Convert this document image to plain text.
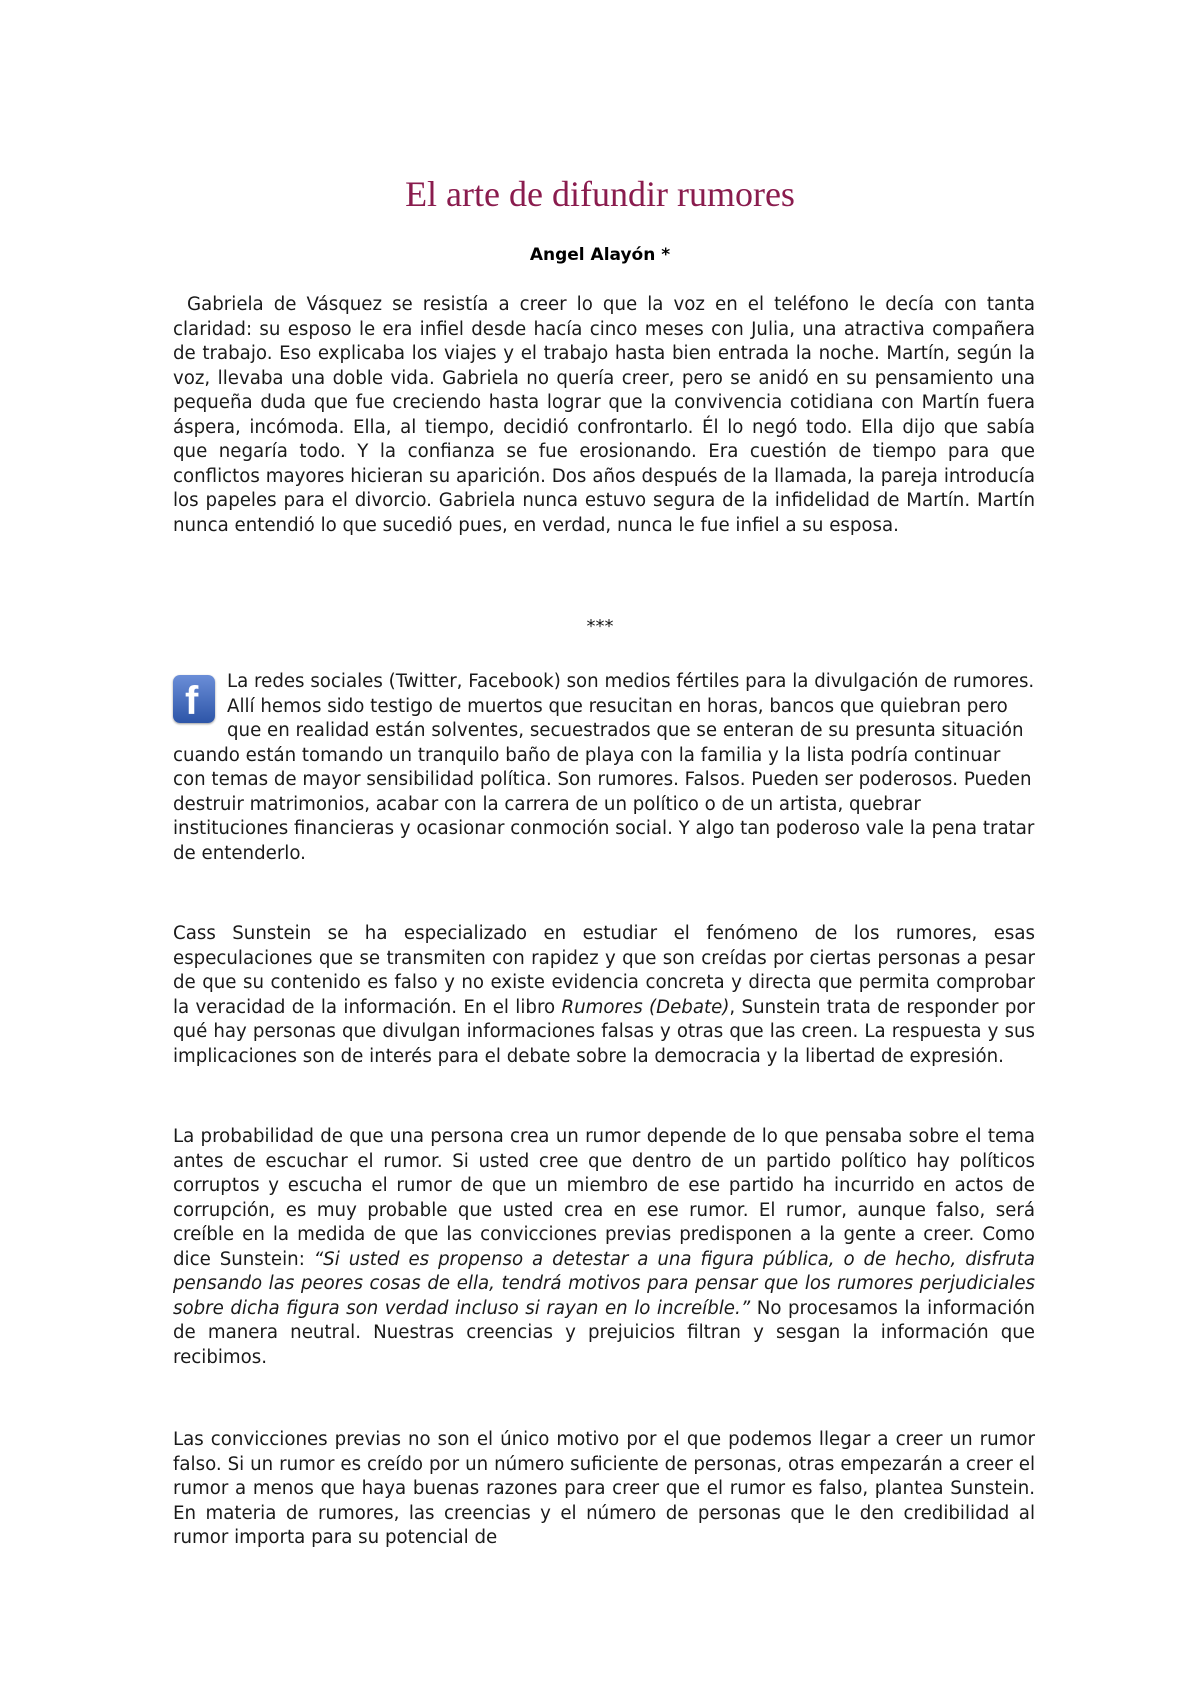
El arte de difundir rumores
Angel Alayón *

Gabriela de Vásquez se resistía a creer lo que la voz en el teléfono le decía con tanta claridad: su esposo le era infiel desde hacía cinco meses con Julia, una atractiva compañera de trabajo. Eso explicaba los viajes y el trabajo hasta bien entrada la noche. Martín, según la voz, llevaba una doble vida. Gabriela no quería creer, pero se anidó en su pensamiento una pequeña duda que fue creciendo hasta lograr que la convivencia cotidiana con Martín fuera áspera, incómoda. Ella, al tiempo, decidió confrontarlo. Él lo negó todo. Ella dijo que sabía que negaría todo. Y la confianza se fue erosionando. Era cuestión de tiempo para que conflictos mayores hicieran su aparición. Dos años después de la llamada, la pareja introducía los papeles para el divorcio. Gabriela nunca estuvo segura de la infidelidad de Martín. Martín nunca entendió lo que sucedió pues, en verdad, nunca le fue infiel a su esposa.

***

f La redes sociales (Twitter, Facebook) son medios fértiles para la divulgación de rumores. Allí hemos sido testigo de muertos que resucitan en horas, bancos que quiebran pero que en realidad están solventes, secuestrados que se enteran de su presunta situación cuando están tomando un tranquilo baño de playa con la familia y la lista podría continuar con temas de mayor sensibilidad política. Son rumores. Falsos. Pueden ser poderosos. Pueden destruir matrimonios, acabar con la carrera de un político o de un artista, quebrar instituciones financieras y ocasionar conmoción social. Y algo tan poderoso vale la pena tratar de entenderlo.

Cass Sunstein se ha especializado en estudiar el fenómeno de los rumores, esas especulaciones que se transmiten con rapidez y que son creídas por ciertas personas a pesar de que su contenido es falso y no existe evidencia concreta y directa que permita comprobar la veracidad de la información. En el libro Rumores (Debate), Sunstein trata de responder por qué hay personas que divulgan informaciones falsas y otras que las creen. La respuesta y sus implicaciones son de interés para el debate sobre la democracia y la libertad de expresión.

La probabilidad de que una persona crea un rumor depende de lo que pensaba sobre el tema antes de escuchar el rumor. Si usted cree que dentro de un partido político hay políticos corruptos y escucha el rumor de que un miembro de ese partido ha incurrido en actos de corrupción, es muy probable que usted crea en ese rumor. El rumor, aunque falso, será creíble en la medida de que las convicciones previas predisponen a la gente a creer. Como dice Sunstein: “Si usted es propenso a detestar a una figura pública, o de hecho, disfruta pensando las peores cosas de ella, tendrá motivos para pensar que los rumores perjudiciales sobre dicha figura son verdad incluso si rayan en lo increíble.” No procesamos la información de manera neutral. Nuestras creencias y prejuicios filtran y sesgan la información que recibimos.

Las convicciones previas no son el único motivo por el que podemos llegar a creer un rumor falso. Si un rumor es creído por un número suficiente de personas, otras empezarán a creer el rumor a menos que haya buenas razones para creer que el rumor es falso, plantea Sunstein. En materia de rumores, las creencias y el número de personas que le den credibilidad al rumor importa para su potencial de
